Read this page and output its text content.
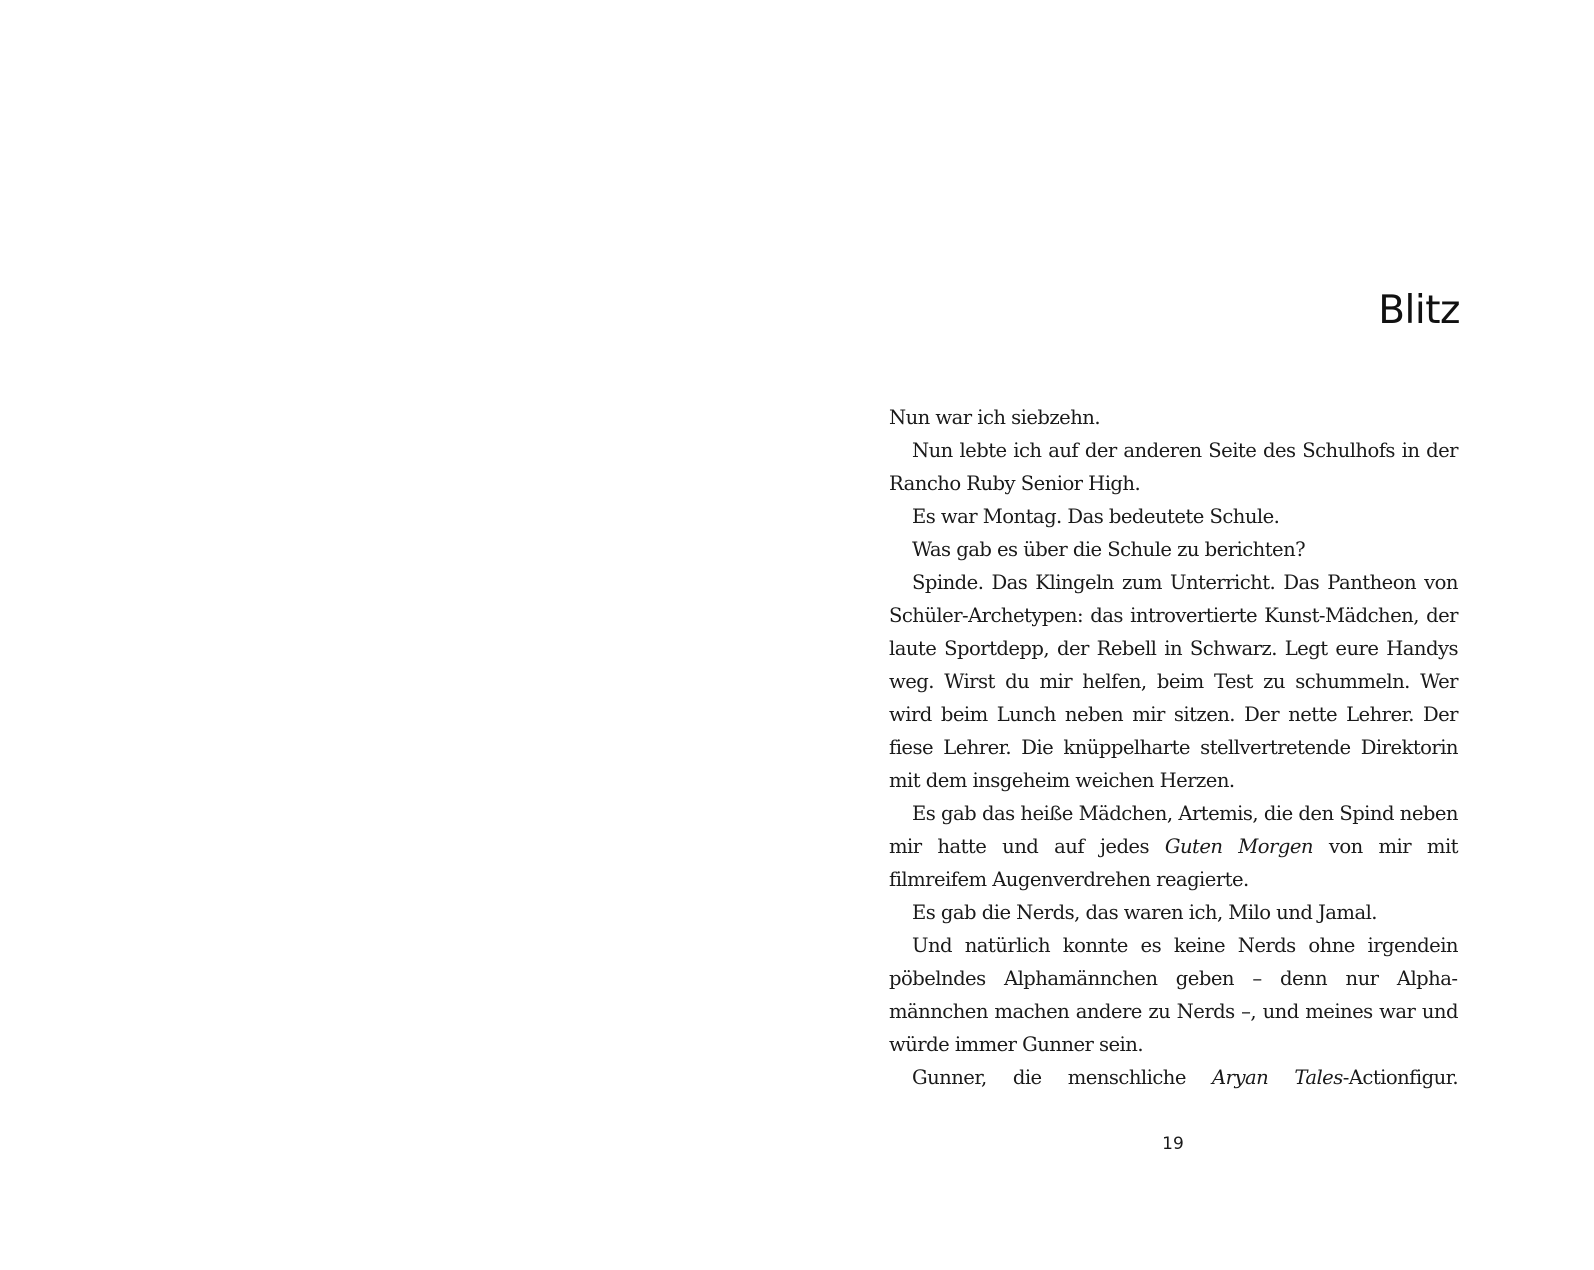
Blitz

Nun war ich siebzehn.

Nun lebte ich auf der anderen Seite des Schulhofs in der Rancho Ruby Senior High.

Es war Montag. Das bedeutete Schule.

Was gab es über die Schule zu berichten?

Spinde. Das Klingeln zum Unterricht. Das Pantheon von Schüler-Archetypen: das introvertierte Kunst-Mädchen, der laute Sportdepp, der Rebell in Schwarz. Legt eure Handys weg. Wirst du mir helfen, beim Test zu schummeln. Wer wird beim Lunch neben mir sitzen. Der nette Lehrer. Der fiese Lehrer. Die knüppelharte stellvertretende Direktorin mit dem insgeheim weichen Herzen.

Es gab das heiße Mädchen, Artemis, die den Spind neben mir hatte und auf jedes Guten Morgen von mir mit filmreifem Augenverdrehen reagierte.

Es gab die Nerds, das waren ich, Milo und Jamal.

Und natürlich konnte es keine Nerds ohne irgendein pöbelndes Alphamännchen geben – denn nur Alphamännchen machen andere zu Nerds –, und meines war und würde immer Gunner sein.

Gunner, die menschliche Aryan Tales-Actionfigur.

19
